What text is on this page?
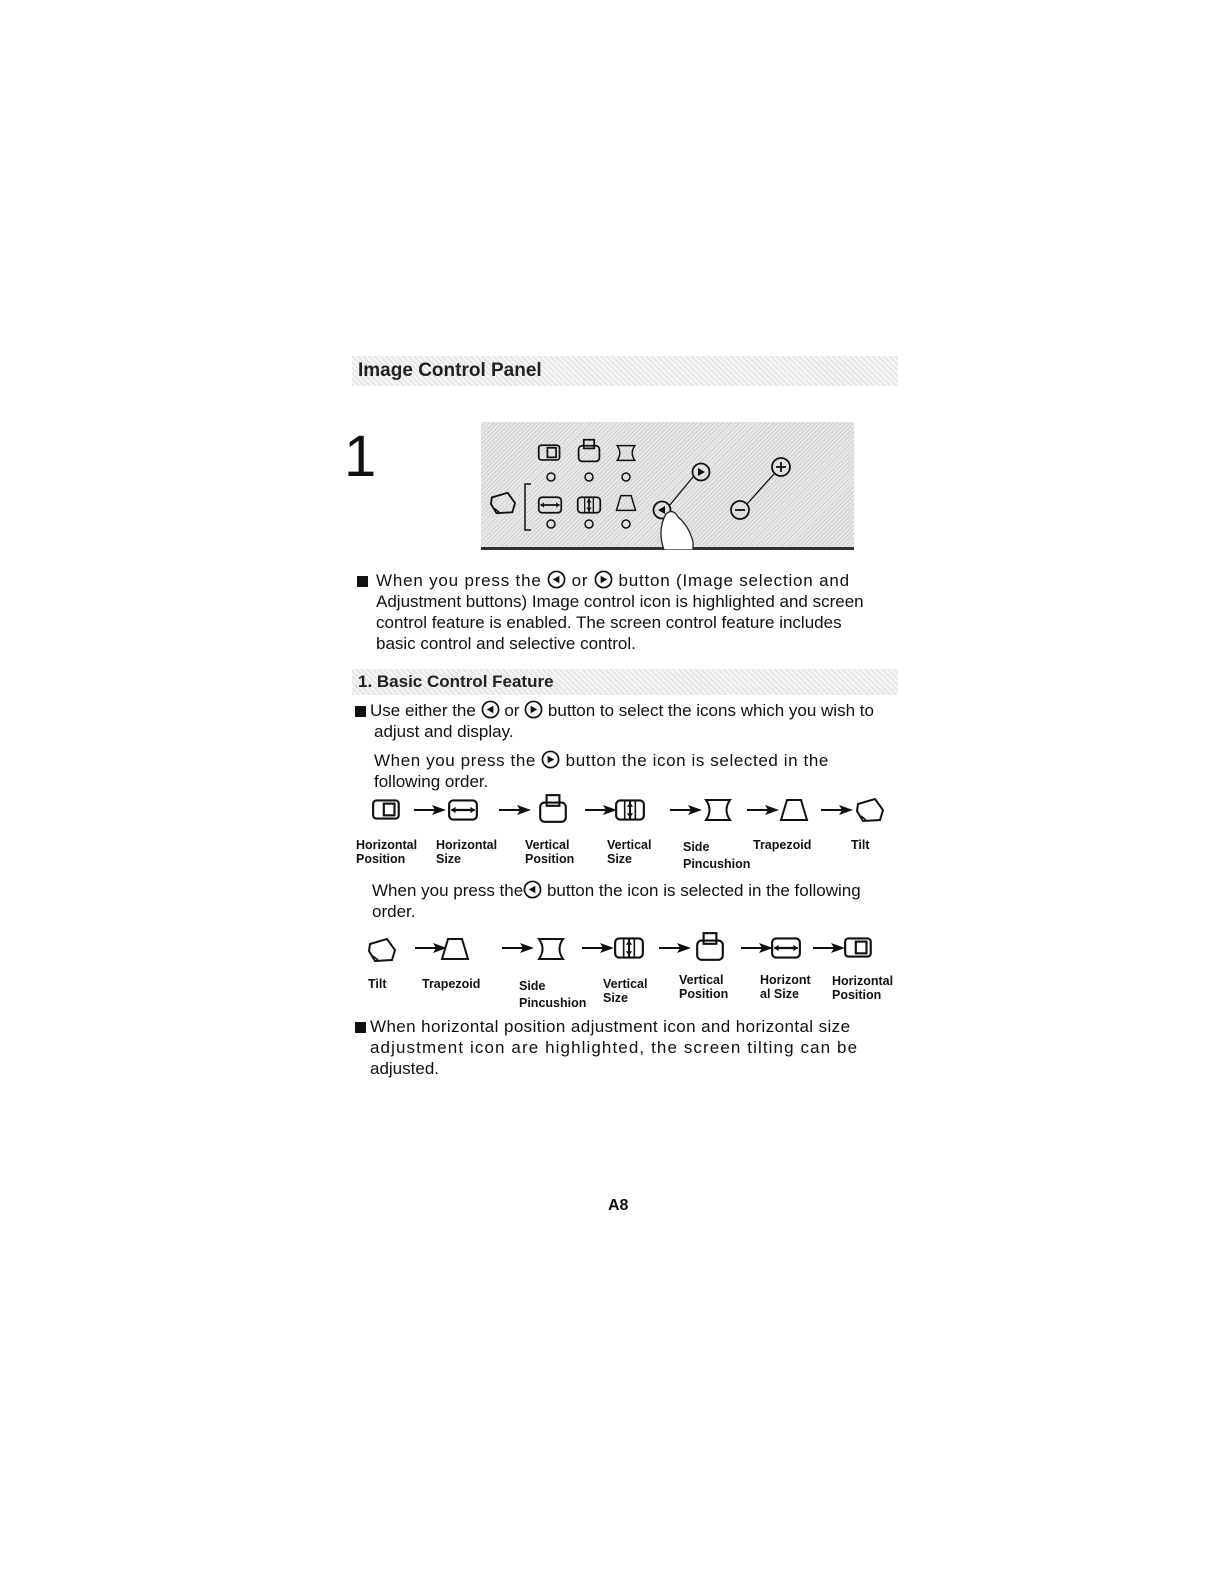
Image Control Panel
1
When you press the or button (Image selection and
Adjustment buttons) Image control icon is highlighted and screen
control feature is enabled. The screen control feature includes
basic control and selective control.
1. Basic Control Feature
Use either the or button to select the icons which you wish to
adjust and display.
When you press the button the icon is selected in the
following order.
Horizontal
Position
Horizontal
Size
Vertical
Position
Vertical
Size
Side
Pincushion
Trapezoid	Tilt
When you press the button the icon is selected in the following
order.
Tilt	Trapezoid	Side
Pincushion
Vertical
Size
Vertical
Position
Horizont
al Size
Horizontal
Position
When horizontal position adjustment icon and horizontal size
adjustment icon are highlighted, the screen tilting can be
adjusted.
A8
